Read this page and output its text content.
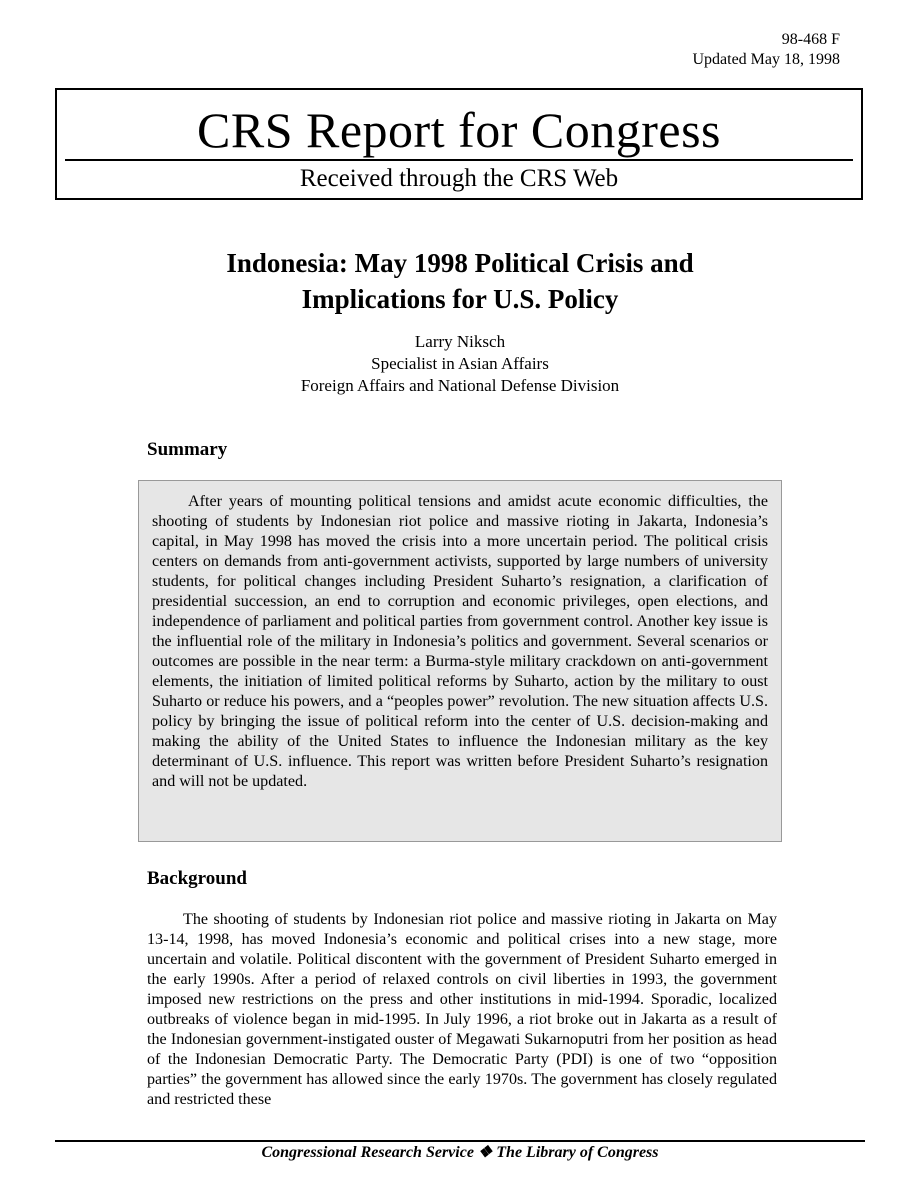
98-468 F
Updated May 18, 1998
CRS Report for Congress
Received through the CRS Web
Indonesia: May 1998 Political Crisis and
Implications for U.S. Policy
Larry Niksch
Specialist in Asian Affairs
Foreign Affairs and National Defense Division
Summary

After years of mounting political tensions and amidst acute economic difficulties, the shooting of students by Indonesian riot police and massive rioting in Jakarta, Indonesia’s capital, in May 1998 has moved the crisis into a more uncertain period. The political crisis centers on demands from anti-government activists, supported by large numbers of university students, for political changes including President Suharto’s resignation, a clarification of presidential succession, an end to corruption and economic privileges, open elections, and independence of parliament and political parties from government control. Another key issue is the influential role of the military in Indonesia’s politics and government. Several scenarios or outcomes are possible in the near term: a Burma-style military crackdown on anti-government elements, the initiation of limited political reforms by Suharto, action by the military to oust Suharto or reduce his powers, and a “peoples power” revolution. The new situation affects U.S. policy by bringing the issue of political reform into the center of U.S. decision-making and making the ability of the United States to influence the Indonesian military as the key determinant of U.S. influence. This report was written before President Suharto’s resignation and will not be updated.

Background

The shooting of students by Indonesian riot police and massive rioting in Jakarta on May 13-14, 1998, has moved Indonesia’s economic and political crises into a new stage, more uncertain and volatile. Political discontent with the government of President Suharto emerged in the early 1990s. After a period of relaxed controls on civil liberties in 1993, the government imposed new restrictions on the press and other institutions in mid-1994. Sporadic, localized outbreaks of violence began in mid-1995. In July 1996, a riot broke out in Jakarta as a result of the Indonesian government-instigated ouster of Megawati Sukarnoputri from her position as head of the Indonesian Democratic Party. The Democratic Party (PDI) is one of two “opposition parties” the government has allowed since the early 1970s. The government has closely regulated and restricted these

Congressional Research Service ❖ The Library of Congress
